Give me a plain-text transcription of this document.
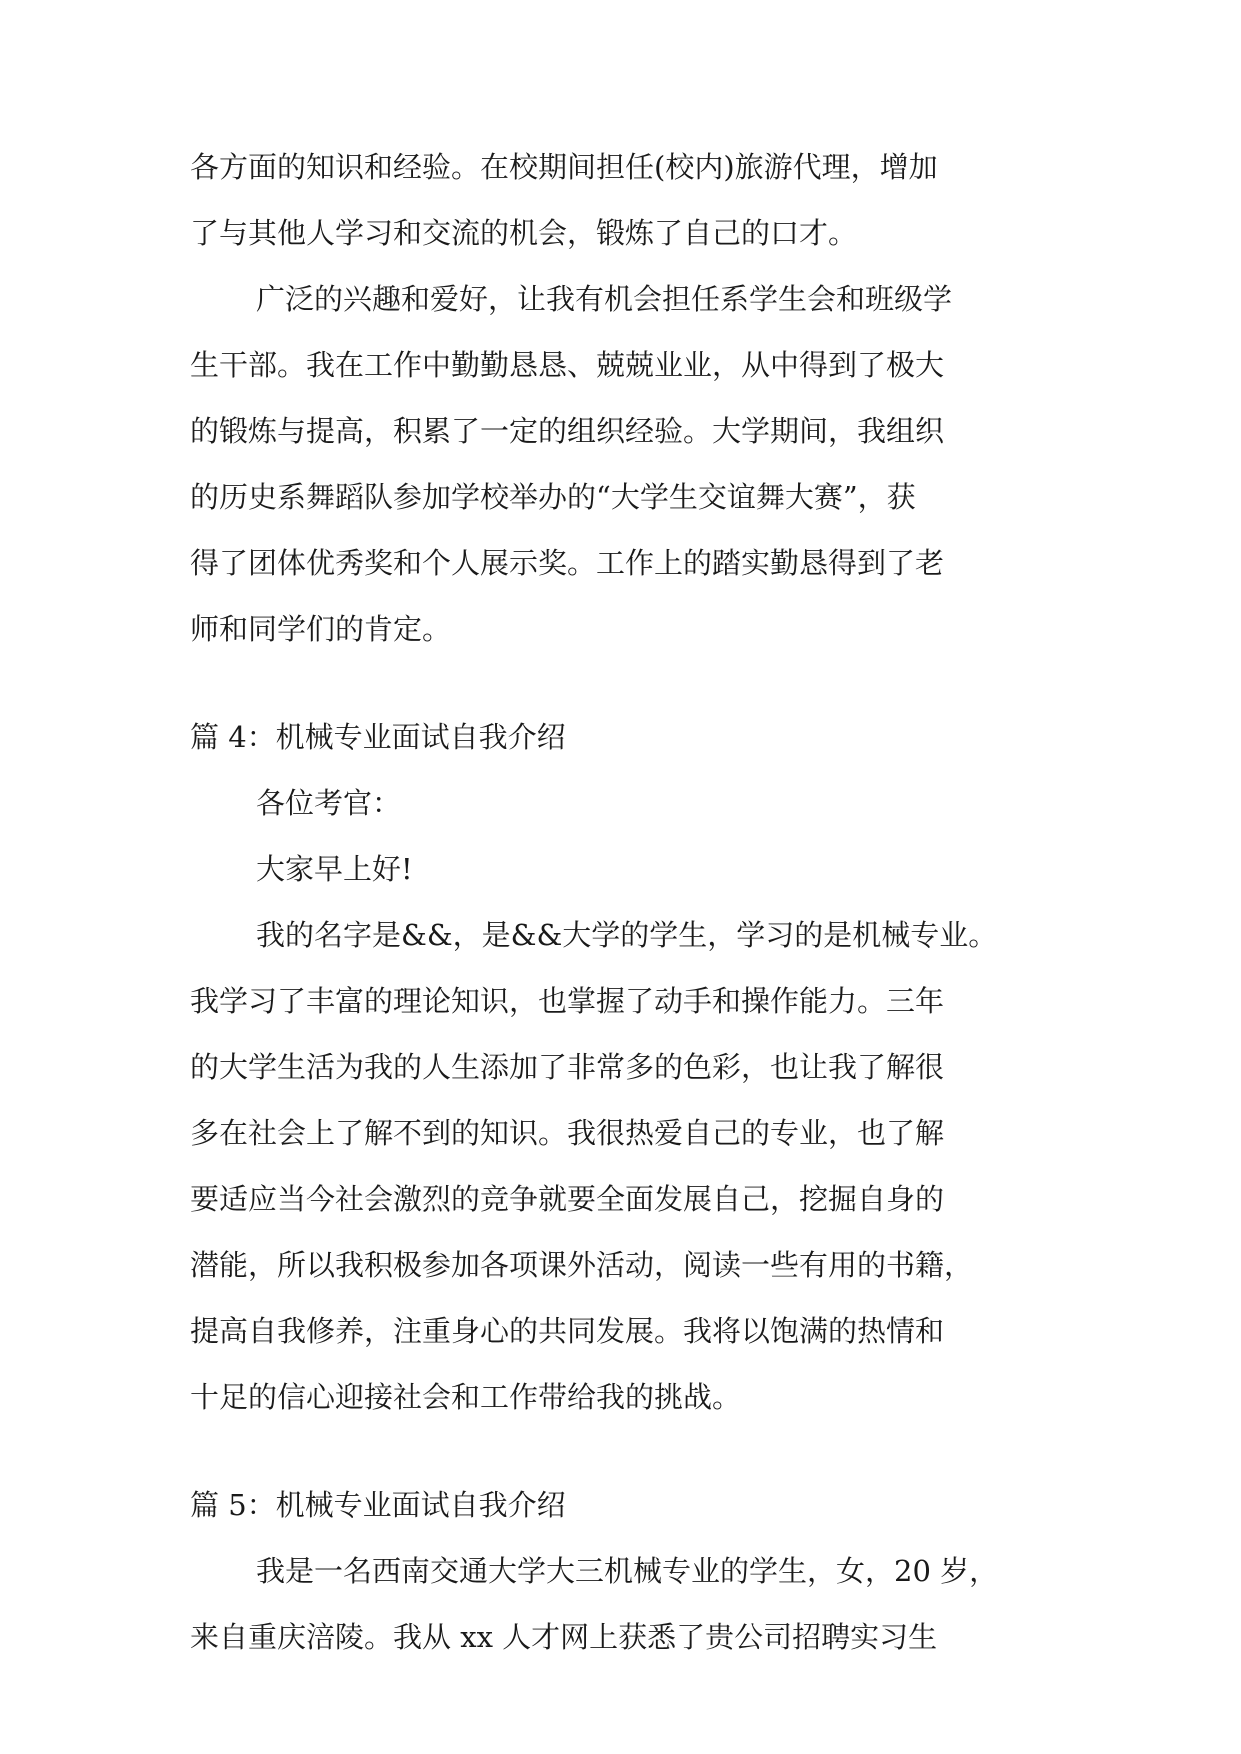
各方面的知识和经验。在校期间担任(校内)旅游代理，增加
了与其他人学习和交流的机会，锻炼了自己的口才。
广泛的兴趣和爱好，让我有机会担任系学生会和班级学
生干部。我在工作中勤勤恳恳、兢兢业业，从中得到了极大
的锻炼与提高，积累了一定的组织经验。大学期间，我组织
的历史系舞蹈队参加学校举办的“大学生交谊舞大赛”，获
得了团体优秀奖和个人展示奖。工作上的踏实勤恳得到了老
师和同学们的肯定。
篇 4：机械专业面试自我介绍
各位考官：
大家早上好!
我的名字是&&，是&&大学的学生，学习的是机械专业。
我学习了丰富的理论知识，也掌握了动手和操作能力。三年
的大学生活为我的人生添加了非常多的色彩，也让我了解很
多在社会上了解不到的知识。我很热爱自己的专业，也了解
要适应当今社会激烈的竞争就要全面发展自己，挖掘自身的
潜能，所以我积极参加各项课外活动，阅读一些有用的书籍，
提高自我修养，注重身心的共同发展。我将以饱满的热情和
十足的信心迎接社会和工作带给我的挑战。
篇 5：机械专业面试自我介绍
我是一名西南交通大学大三机械专业的学生，女，20 岁，
来自重庆涪陵。我从 xx 人才网上获悉了贵公司招聘实习生
